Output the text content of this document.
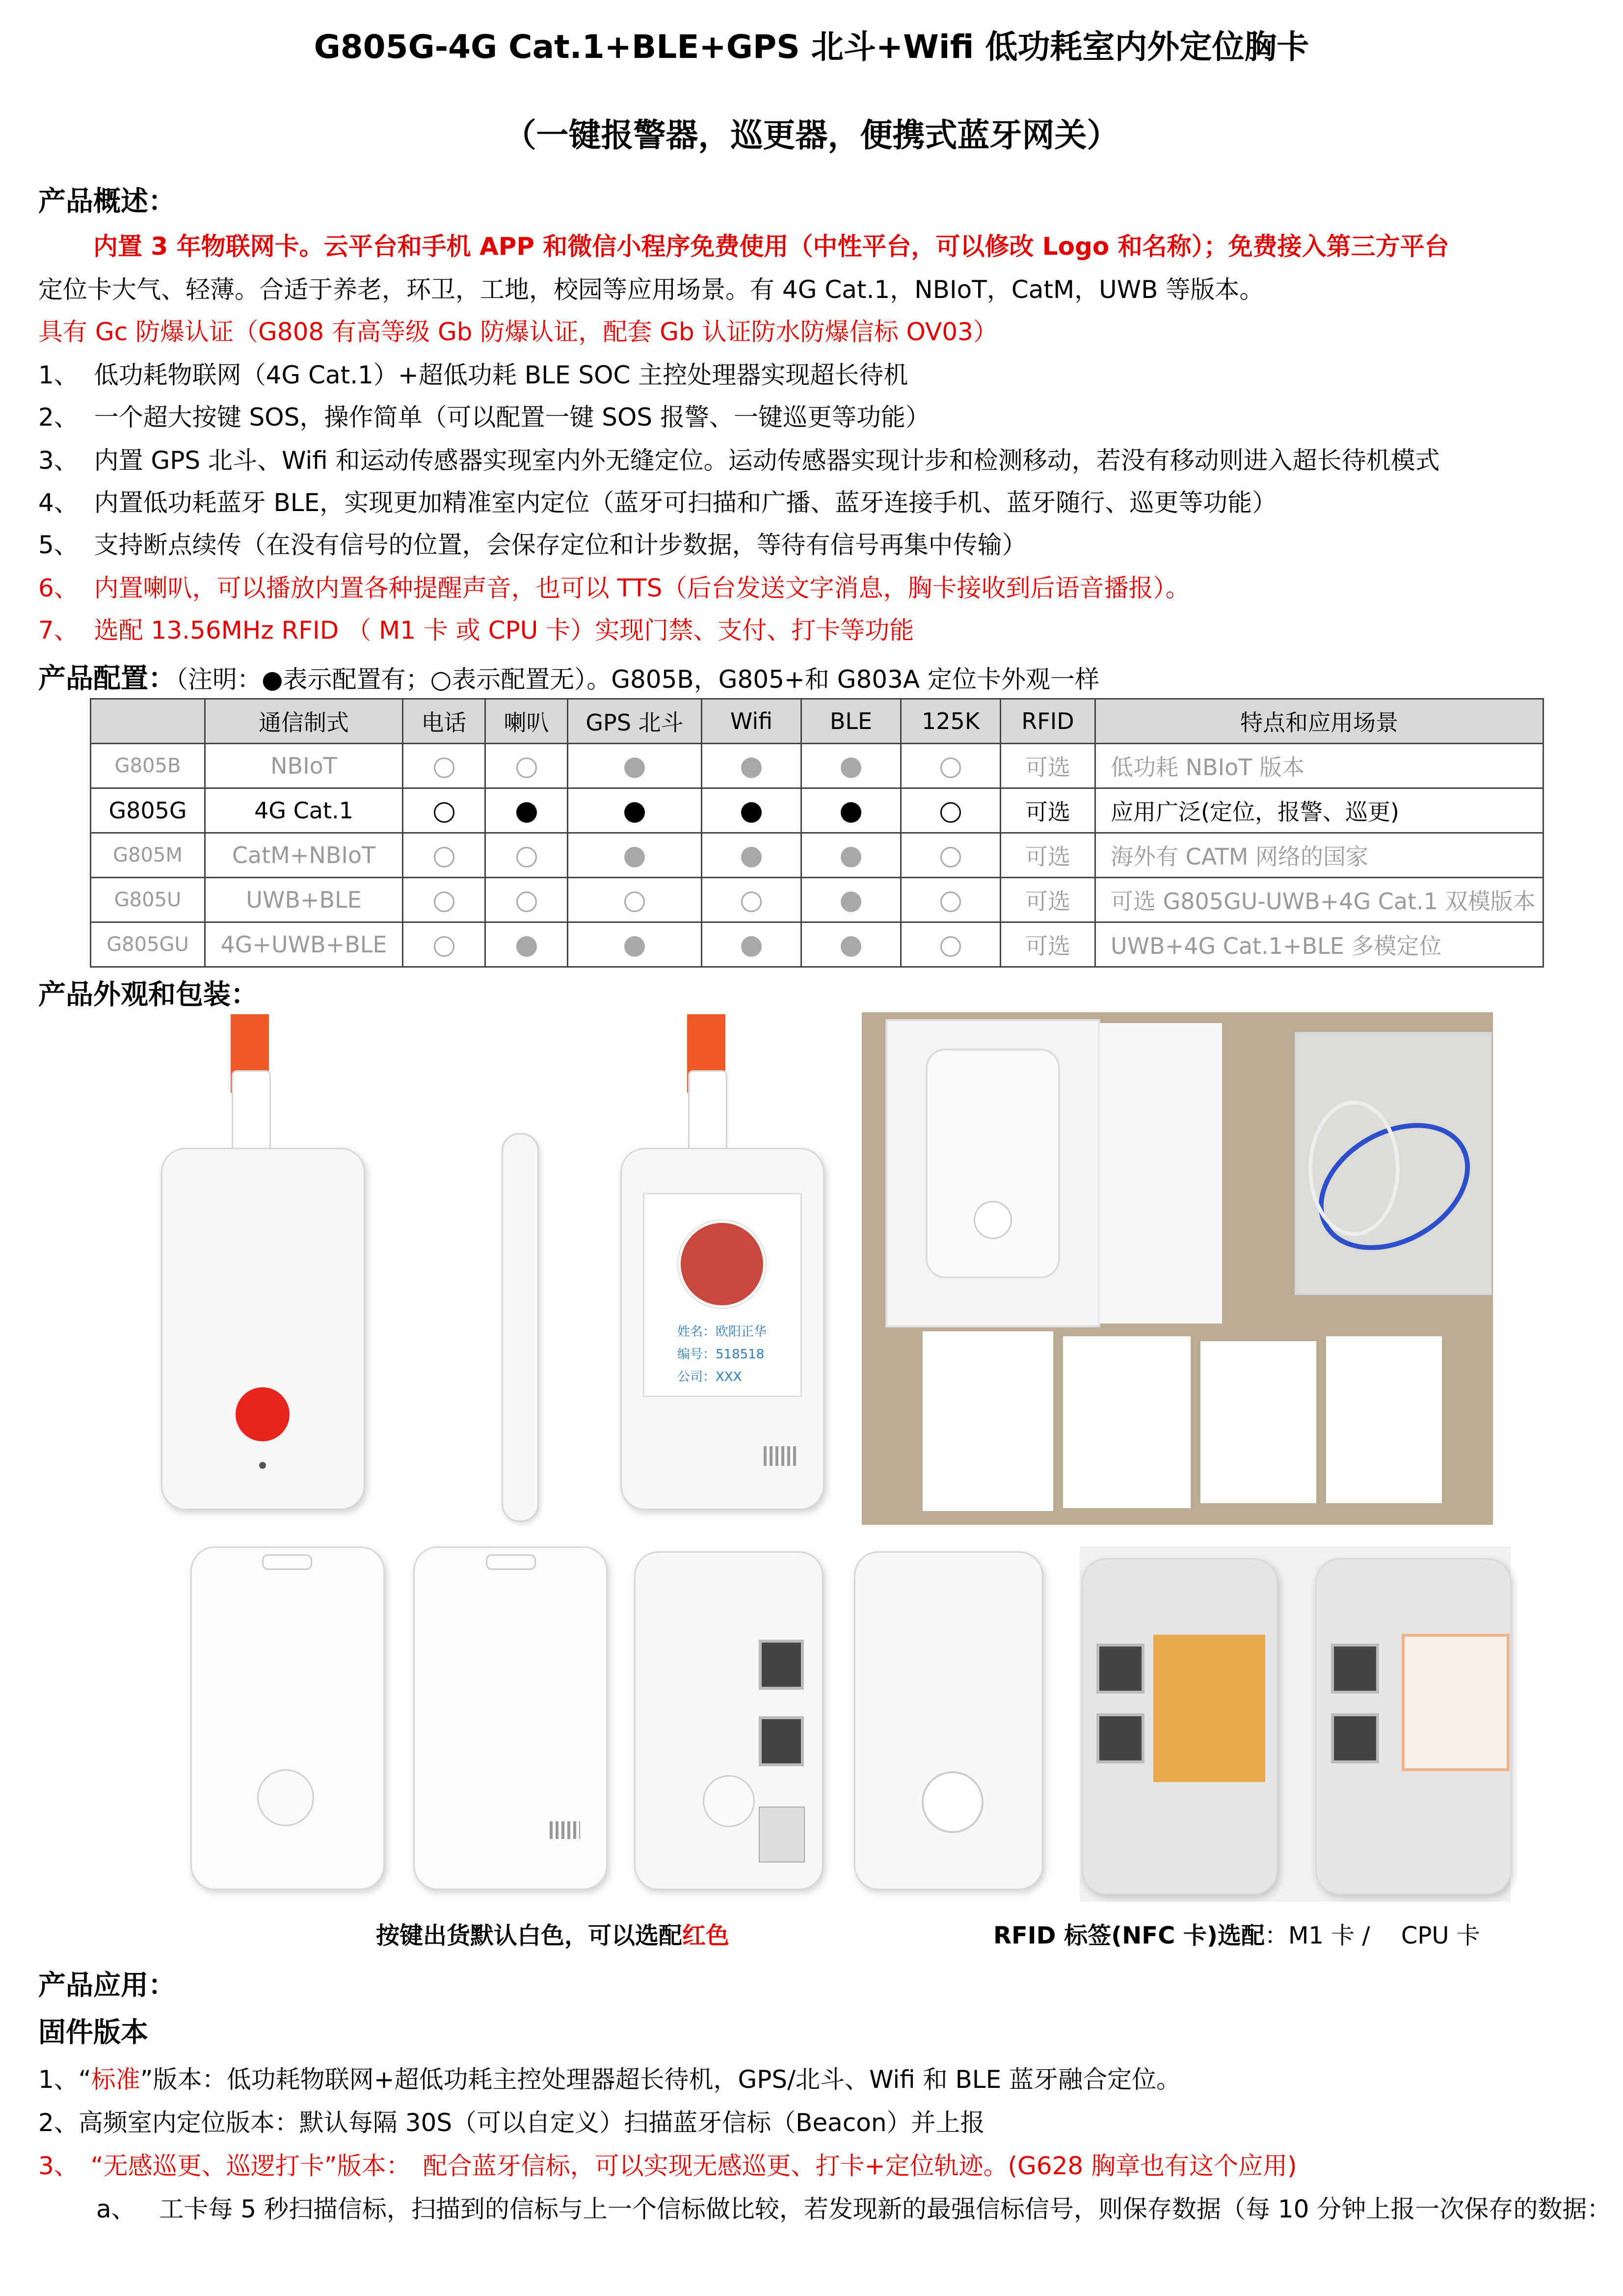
G805G-4G Cat.1+BLE+GPS 北斗+Wifi 低功耗室内外定位胸卡
（一键报警器，巡更器，便携式蓝牙网关）
产品概述：
内置 3 年物联网卡。云平台和手机 APP 和微信小程序免费使用（中性平台，可以修改 Logo 和名称）；免费接入第三方平台
定位卡大气、轻薄。合适于养老，环卫，工地，校园等应用场景。有 4G Cat.1，NBIoT，CatM，UWB 等版本。
具有 Gc 防爆认证（G808 有高等级 Gb 防爆认证，配套 Gb 认证防水防爆信标 OV03）
1、 低功耗物联网（4G Cat.1）+超低功耗 BLE SOC 主控处理器实现超长待机
2、 一个超大按键 SOS，操作简单（可以配置一键 SOS 报警、一键巡更等功能）
3、 内置 GPS 北斗、Wifi 和运动传感器实现室内外无缝定位。运动传感器实现计步和检测移动，若没有移动则进入超长待机模式
4、 内置低功耗蓝牙 BLE，实现更加精准室内定位（蓝牙可扫描和广播、蓝牙连接手机、蓝牙随行、巡更等功能）
5、 支持断点续传（在没有信号的位置，会保存定位和计步数据，等待有信号再集中传输）
6、 内置喇叭，可以播放内置各种提醒声音，也可以 TTS（后台发送文字消息，胸卡接收到后语音播报）。
7、 选配 13.56MHz RFID （ M1 卡 或 CPU 卡）实现门禁、支付、打卡等功能
产品配置：（注明：●表示配置有；○表示配置无）。G805B，G805+和 G803A 定位卡外观一样
	通信制式	电话	喇叭	GPS 北斗	Wifi	BLE	125K	RFID	特点和应用场景
G805B	NBIoT							可选	低功耗 NBIoT 版本
G805G	4G Cat.1							可选	应用广泛(定位，报警、巡更)
G805M	CatM+NBIoT							可选	海外有 CATM 网络的国家
G805U	UWB+BLE							可选	可选 G805GU-UWB+4G Cat.1 双模版本
G805GU	4G+UWB+BLE							可选	UWB+4G Cat.1+BLE 多模定位
产品外观和包装：
姓名：欧阳正华
编号：518518
公司：XXX
按键出货默认白色，可以选配红色	RFID 标签(NFC 卡)选配：M1 卡 /　 CPU 卡
产品应用：
固件版本
1、“标准”版本：低功耗物联网+超低功耗主控处理器超长待机，GPS/北斗、Wifi 和 BLE 蓝牙融合定位。
2、高频室内定位版本：默认每隔 30S（可以自定义）扫描蓝牙信标（Beacon）并上报
3、　“无感巡更、巡逻打卡”版本：　配合蓝牙信标，可以实现无感巡更、打卡+定位轨迹。(G628 胸章也有这个应用)
a、 工卡每 5 秒扫描信标，扫描到的信标与上一个信标做比较，若发现新的最强信标信号，则保存数据（每 10 分钟上报一次保存的数据：
